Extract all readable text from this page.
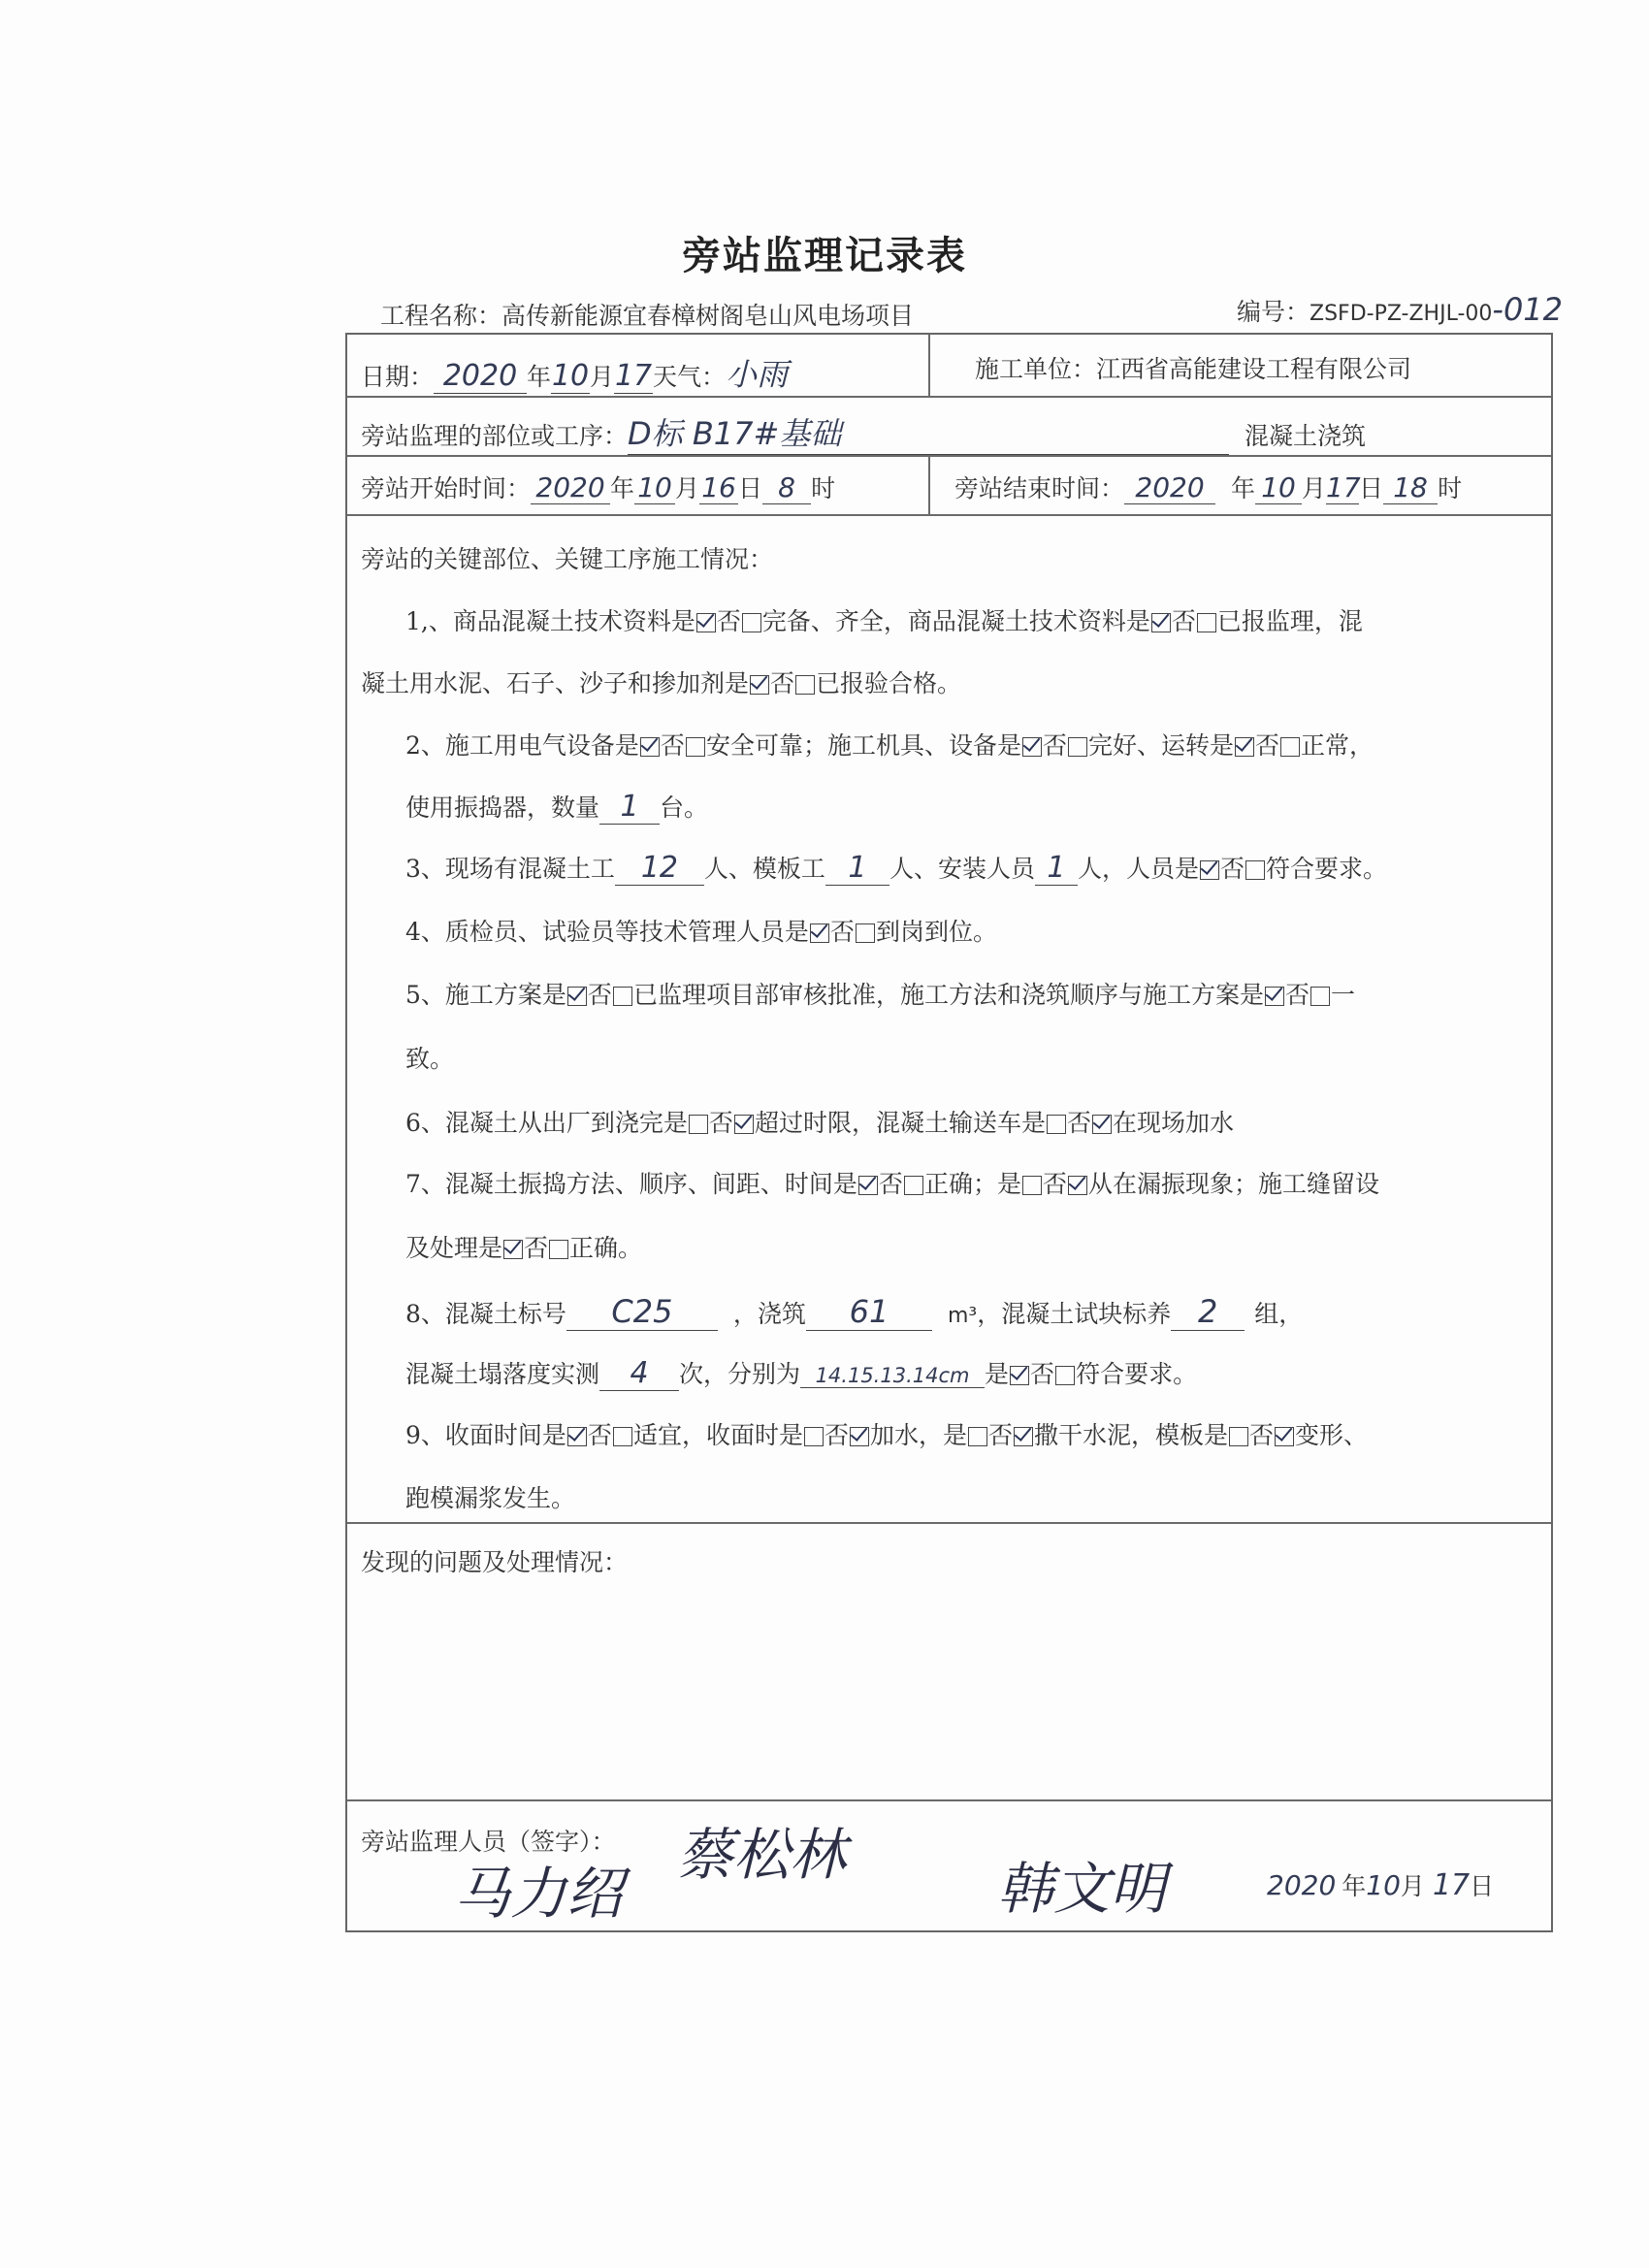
旁站监理记录表
工程名称：高传新能源宜春樟树阁皂山风电场项目	编号：ZSFD-PZ-ZHJL-00-012
日期： 2020 年10月17天气：小雨	施工单位：江西省高能建设工程有限公司
旁站监理的部位或工序：D标 B17#基础	混凝土浇筑
旁站开始时间： 2020 年 10 月16日 8 时	旁站结束时间： 2020 年 10 月17日 18 时
旁站的关键部位、关键工序施工情况：
1,、商品混凝土技术资料是 否 完备、齐全，商品混凝土技术资料是 否 已报监理，混
凝土用水泥、石子、沙子和掺加剂是 否 已报验合格。
2、施工用电气设备是 否 安全可靠；施工机具、设备是 否 完好、运转是 否 正常，
使用振捣器，数量 1 台。
3、现场有混凝土工 12 人、模板工 1 人、安装人员 1 人，人员是 否 符合要求。
4、质检员、试验员等技术管理人员是 否 到岗到位。
5、施工方案是 否 已监理项目部审核批准，施工方法和浇筑顺序与施工方案是 否 一
致。
6、混凝土从出厂到浇完是 否 超过时限，混凝土输送车是 否 在现场加水
7、混凝土振捣方法、顺序、间距、时间是 否 正确；是 否 从在漏振现象；施工缝留设
及处理是 否 正确。
8、混凝土标号 C25 ，浇筑 61	m³，混凝土试块标养 2 组，
混凝土塌落度实测 4 次，分别为 14.15.13.14cm 是 否 符合要求。
9、收面时间是 否 适宜，收面时是 否 加水，是 否 撒干水泥，模板是 否 变形、
跑模漏浆发生。
发现的问题及处理情况：
旁站监理人员（签字）：
马力绍
蔡松林
韩文明	2020 年10月 17日
